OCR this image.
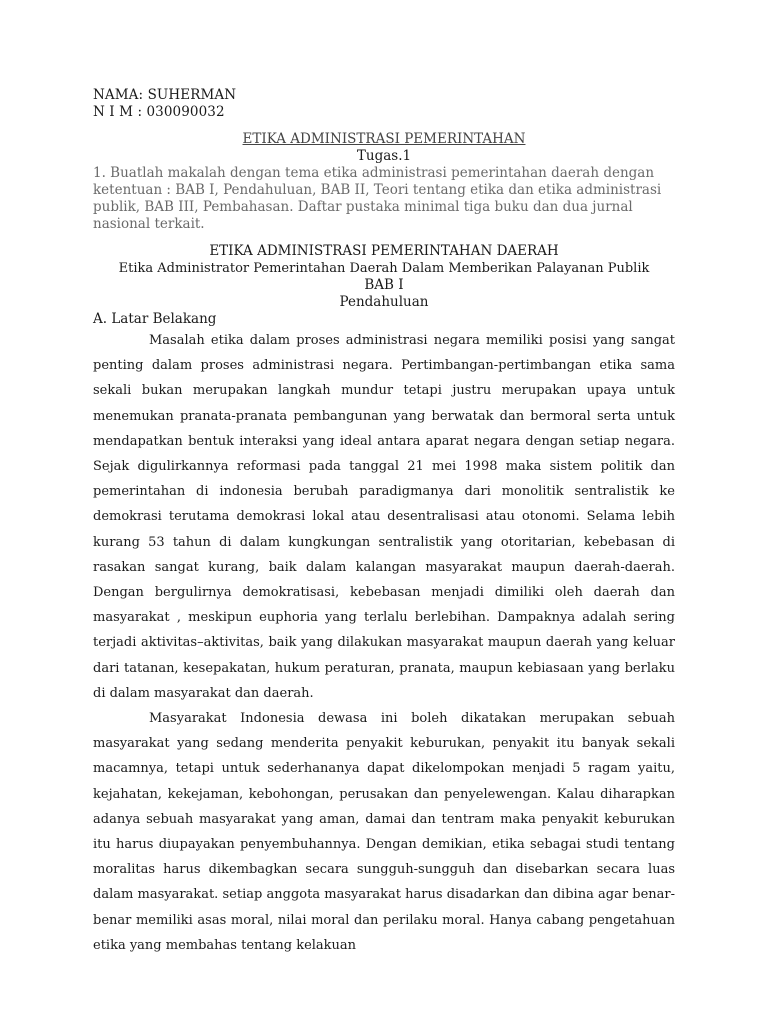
NAMA: SUHERMAN
N I M : 030090032
ETIKA ADMINISTRASI PEMERINTAHAN
Tugas.1
1. Buatlah makalah dengan tema etika administrasi pemerintahan daerah dengan ketentuan : BAB I, Pendahuluan, BAB II, Teori tentang etika dan etika administrasi publik, BAB III, Pembahasan. Daftar pustaka minimal tiga buku dan dua jurnal nasional terkait.
ETIKA ADMINISTRASI PEMERINTAHAN DAERAH
Etika Administrator Pemerintahan Daerah Dalam Memberikan Palayanan Publik
BAB I
Pendahuluan
A. Latar Belakang

Masalah etika dalam proses administrasi negara memiliki posisi yang sangat penting dalam proses administrasi negara. Pertimbangan-pertimbangan etika sama sekali bukan merupakan langkah mundur tetapi justru merupakan upaya untuk menemukan pranata-pranata pembangunan yang berwatak dan bermoral serta untuk mendapatkan bentuk interaksi yang ideal antara aparat negara dengan setiap negara. Sejak digulirkannya reformasi pada tanggal 21 mei 1998 maka sistem politik dan pemerintahan di indonesia berubah paradigmanya dari monolitik sentralistik ke demokrasi terutama demokrasi lokal atau desentralisasi atau otonomi. Selama lebih kurang 53 tahun di dalam kungkungan sentralistik yang otoritarian, kebebasan di rasakan sangat kurang, baik dalam kalangan masyarakat maupun daerah-daerah. Dengan bergulirnya demokratisasi, kebebasan menjadi dimiliki oleh daerah dan masyarakat , meskipun euphoria yang terlalu berlebihan. Dampaknya adalah sering terjadi aktivitas–aktivitas, baik yang dilakukan masyarakat maupun daerah yang keluar dari tatanan, kesepakatan, hukum peraturan, pranata, maupun kebiasaan yang berlaku di dalam masyarakat dan daerah.

Masyarakat Indonesia dewasa ini boleh dikatakan merupakan sebuah masyarakat yang sedang menderita penyakit keburukan, penyakit itu banyak sekali macamnya, tetapi untuk sederhananya dapat dikelompokan menjadi 5 ragam yaitu, kejahatan, kekejaman, kebohongan, perusakan dan penyelewengan. Kalau diharapkan adanya sebuah masyarakat yang aman, damai dan tentram maka penyakit keburukan itu harus diupayakan penyembuhannya. Dengan demikian, etika sebagai studi tentang moralitas harus dikembagkan secara sungguh-sungguh dan disebarkan secara luas dalam masyarakat. setiap anggota masyarakat harus disadarkan dan dibina agar benar-benar memiliki asas moral, nilai moral dan perilaku moral. Hanya cabang pengetahuan etika yang membahas tentang kelakuan
